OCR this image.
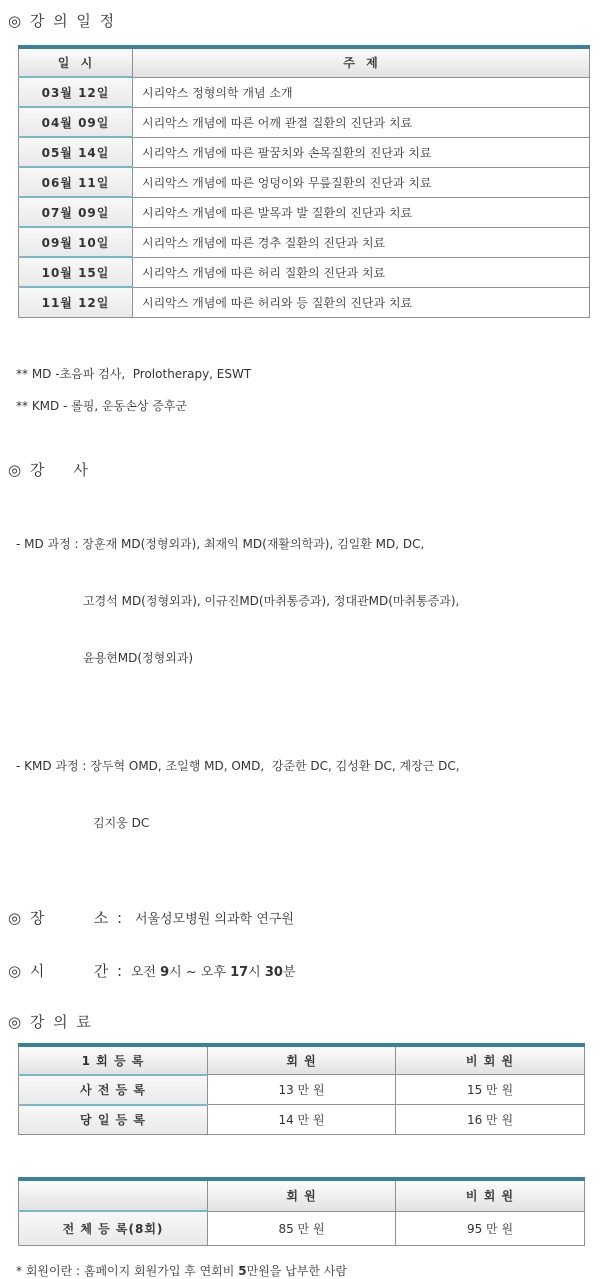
◎ 강 의 일 정
일  시	주  제
03월 12일	시리악스 정형의학 개념 소개
04월 09일	시리악스 개념에 따른 어깨 관절 질환의 진단과 치료
05월 14일	시리악스 개념에 따른 팔꿈치와 손목질환의 진단과 치료
06월 11일	시리악스 개념에 따른 엉덩이와 무릎질환의 진단과 치료
07월 09일	시리악스 개념에 따른 발목과 발 질환의 진단과 치료
09월 10일	시리악스 개념에 따른 경추 질환의 진단과 치료
10월 15일	시리악스 개념에 따른 허리 질환의 진단과 치료
11월 12일	시리악스 개념에 따른 허리와 등 질환의 진단과 치료
** MD -초음파 검사,  Prolotherapy, ESWT
** KMD - 롤핑, 운동손상 증후군
◎ 강    사

- MD 과정 : 장훈재 MD(정형외과), 최재익 MD(재활의학과), 김일환 MD, DC,

고경석 MD(정형외과), 이규진MD(마취통증과), 정대관MD(마취통증과),

윤용현MD(정형외과)

- KMD 과정 : 장두혁 OMD, 조일행 MD, OMD,  강준한 DC, 김성환 DC, 계장근 DC,

김지웅 DC

◎ 장       소 :  서울성모병원 의과학 연구원
◎ 시       간 : 오전 9시 ~ 오후 17시 30분
◎ 강 의 료
1 회 등 록	회 원	비 회 원
사 전 등 록	13 만 원	15 만 원
당 일 등 록	14 만 원	16 만 원
	회 원	비 회 원
전 체 등 록(8회)	85 만 원	95 만 원
* 회원이란 : 홈페이지 회원가입 후 연회비 5만원을 납부한 사람
